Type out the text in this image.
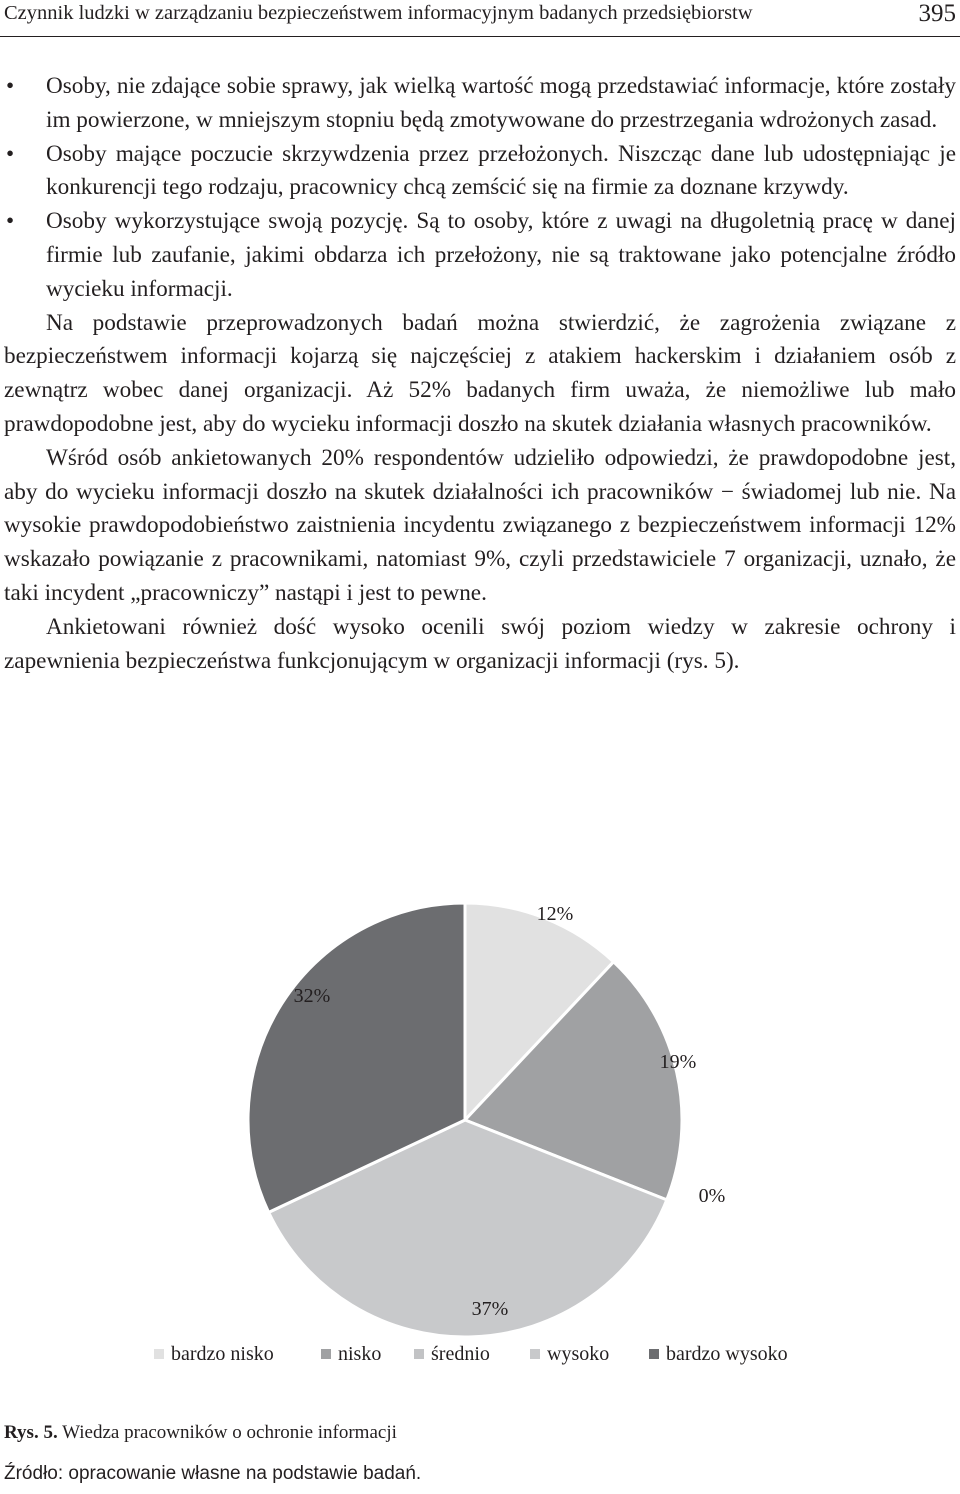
Czynnik ludzki w zarządzaniu bezpieczeństwem informacyjnym badanych przedsiębiorstw	395
• Osoby, nie zdające sobie sprawy, jak wielką wartość mogą przedstawiać informacje, które zostały im powierzone, w mniejszym stopniu będą zmotywowane do przestrzegania wdrożonych zasad.
• Osoby mające poczucie skrzywdzenia przez przełożonych. Niszcząc dane lub udostępniając je konkurencji tego rodzaju, pracownicy chcą zemścić się na firmie za doznane krzywdy.
• Osoby wykorzystujące swoją pozycję. Są to osoby, które z uwagi na długoletnią pracę w danej firmie lub zaufanie, jakimi obdarza ich przełożony, nie są traktowane jako potencjalne źródło wycieku informacji.

Na podstawie przeprowadzonych badań można stwierdzić, że zagrożenia związane z bezpieczeństwem informacji kojarzą się najczęściej z atakiem hackerskim i działaniem osób z zewnątrz wobec danej organizacji. Aż 52% badanych firm uważa, że niemożliwe lub mało prawdopodobne jest, aby do wycieku informacji doszło na skutek działania własnych pracowników.

Wśród osób ankietowanych 20% respondentów udzieliło odpowiedzi, że prawdopodobne jest, aby do wycieku informacji doszło na skutek działalności ich pracowników − świadomej lub nie. Na wysokie prawdopodobieństwo zaistnienia incydentu związanego z bezpieczeństwem informacji 12% wskazało powiązanie z pracownikami, natomiast 9%, czyli przedstawiciele 7 organizacji, uznało, że taki incydent „pracowniczy” nastąpi i jest to pewne.

Ankietowani również dość wysoko ocenili swój poziom wiedzy w zakresie ochrony i zapewnienia bezpieczeństwa funkcjonującym w organizacji informacji (rys. 5).

12%
19%
0%
37%
32%
bardzo nisko	nisko średnio	wysoko	bardzo wysoko
Rys. 5. Wiedza pracowników o ochronie informacji
Źródło: opracowanie własne na podstawie badań.
